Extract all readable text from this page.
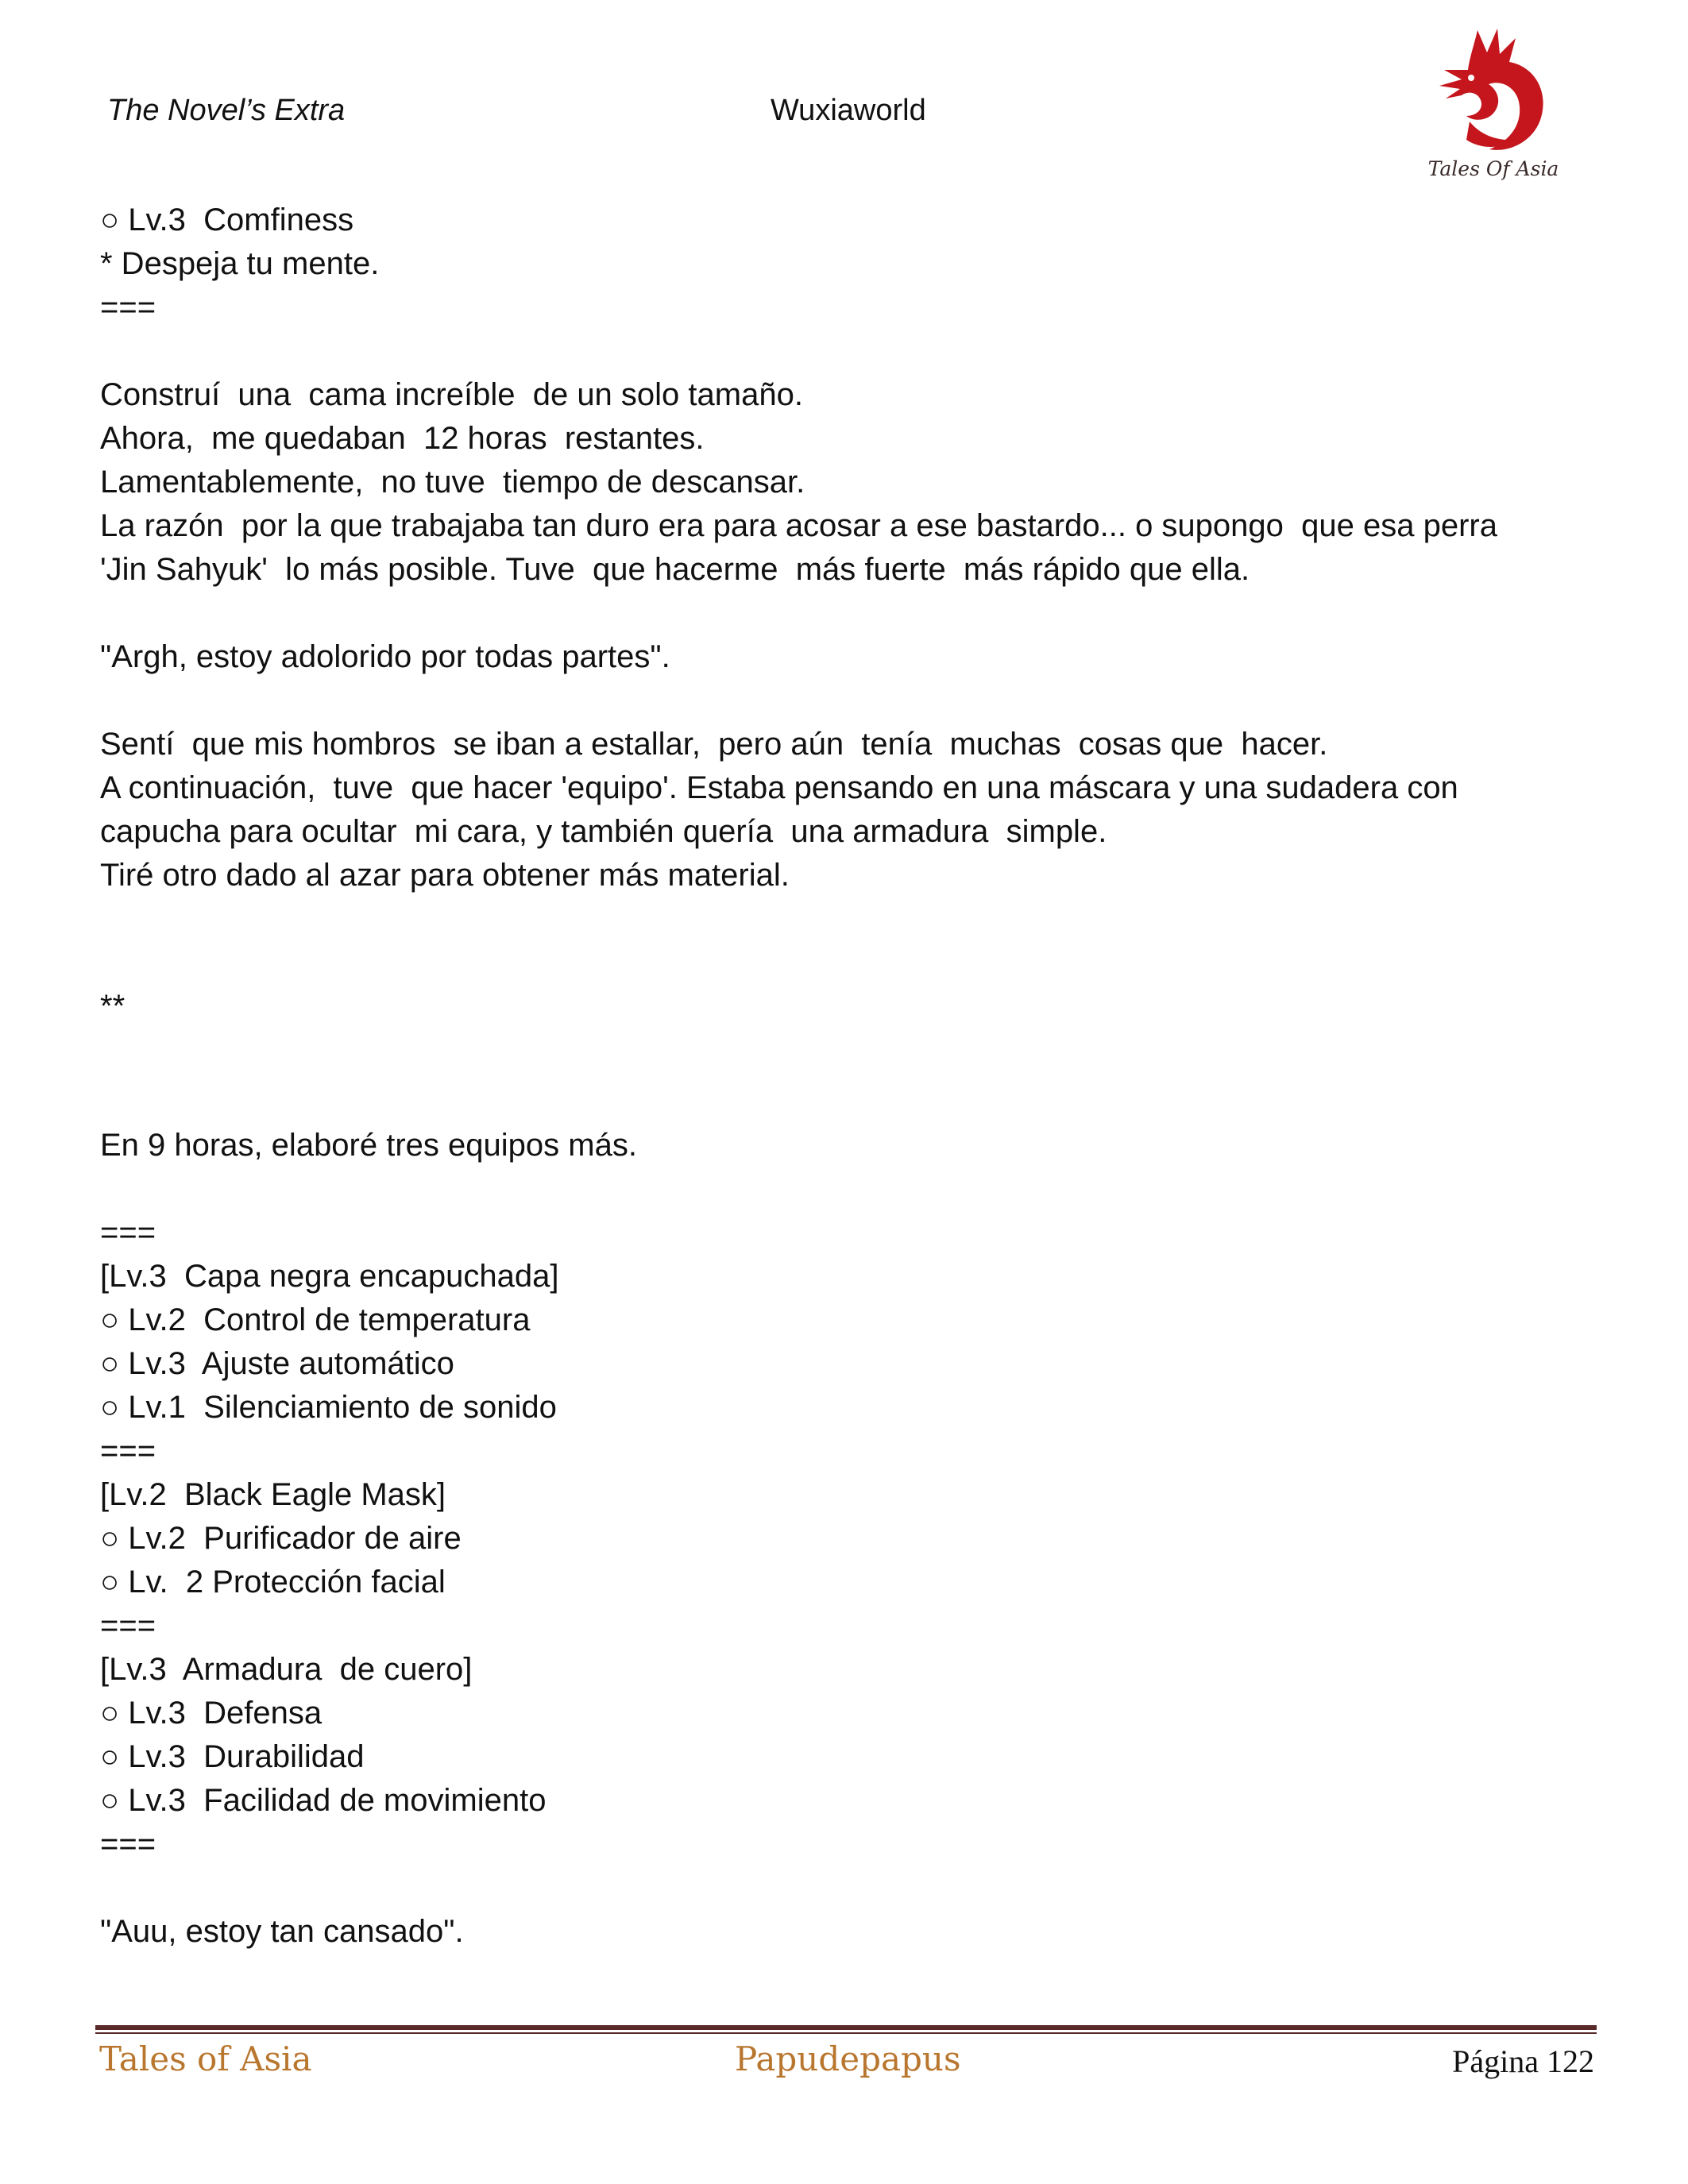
The Novel’s Extra	Wuxiaworld
Tales Of Asia
○ Lv.3  Comfiness
* Despeja tu mente.
===
Construí  una  cama increíble  de un solo tamaño.
Ahora,  me quedaban  12 horas  restantes.
Lamentablemente,  no tuve  tiempo de descansar.
La razón  por la que trabajaba tan duro era para acosar a ese bastardo... o supongo  que esa perra
'Jin Sahyuk'  lo más posible. Tuve  que hacerme  más fuerte  más rápido que ella.
"Argh, estoy adolorido por todas partes".
Sentí  que mis hombros  se iban a estallar,  pero aún  tenía  muchas  cosas que  hacer.
A continuación,  tuve  que hacer 'equipo'. Estaba pensando en una máscara y una sudadera con
capucha para ocultar  mi cara, y también quería  una armadura  simple.
Tiré otro dado al azar para obtener más material.
**
En 9 horas, elaboré tres equipos más.
===
[Lv.3  Capa negra encapuchada]
○ Lv.2  Control de temperatura
○ Lv.3  Ajuste automático
○ Lv.1  Silenciamiento de sonido
===
[Lv.2  Black Eagle Mask]
○ Lv.2  Purificador de aire
○ Lv.  2 Protección facial
===
[Lv.3  Armadura  de cuero]
○ Lv.3  Defensa
○ Lv.3  Durabilidad
○ Lv.3  Facilidad de movimiento
===
"Auu, estoy tan cansado".
Tales of Asia	Papudepapus	Página 122
